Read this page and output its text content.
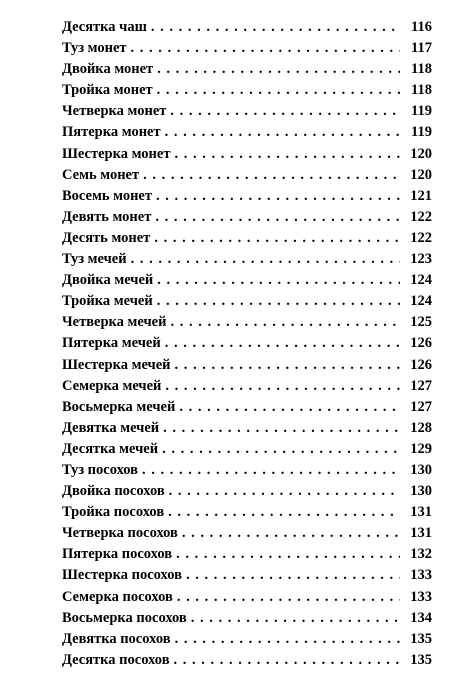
Десятка чаш . . .	116
Туз монет . . .	117
Двойка монет . . .	118
Тройка монет . . .	118
Четверка монет . . .	119
Пятерка монет . . .	119
Шестерка монет . . .	120
Семь монет . . .	120
Восемь монет . . .	121
Девять монет . . .	122
Десять монет . . .	122
Туз мечей . . .	123
Двойка мечей . . .	124
Тройка мечей . . .	124
Четверка мечей . . .	125
Пятерка мечей . . .	126
Шестерка мечей . . .	126
Семерка мечей . . .	127
Восьмерка мечей . . .	127
Девятка мечей . . .	128
Десятка мечей . . .	129
Туз посохов . . .	130
Двойка посохов . . .	130
Тройка посохов . . .	131
Четверка посохов . . .	131
Пятерка посохов . . .	132
Шестерка посохов . . .	133
Семерка посохов . . .	133
Восьмерка посохов . . .	134
Девятка посохов . . .	135
Десятка посохов . . .	135
